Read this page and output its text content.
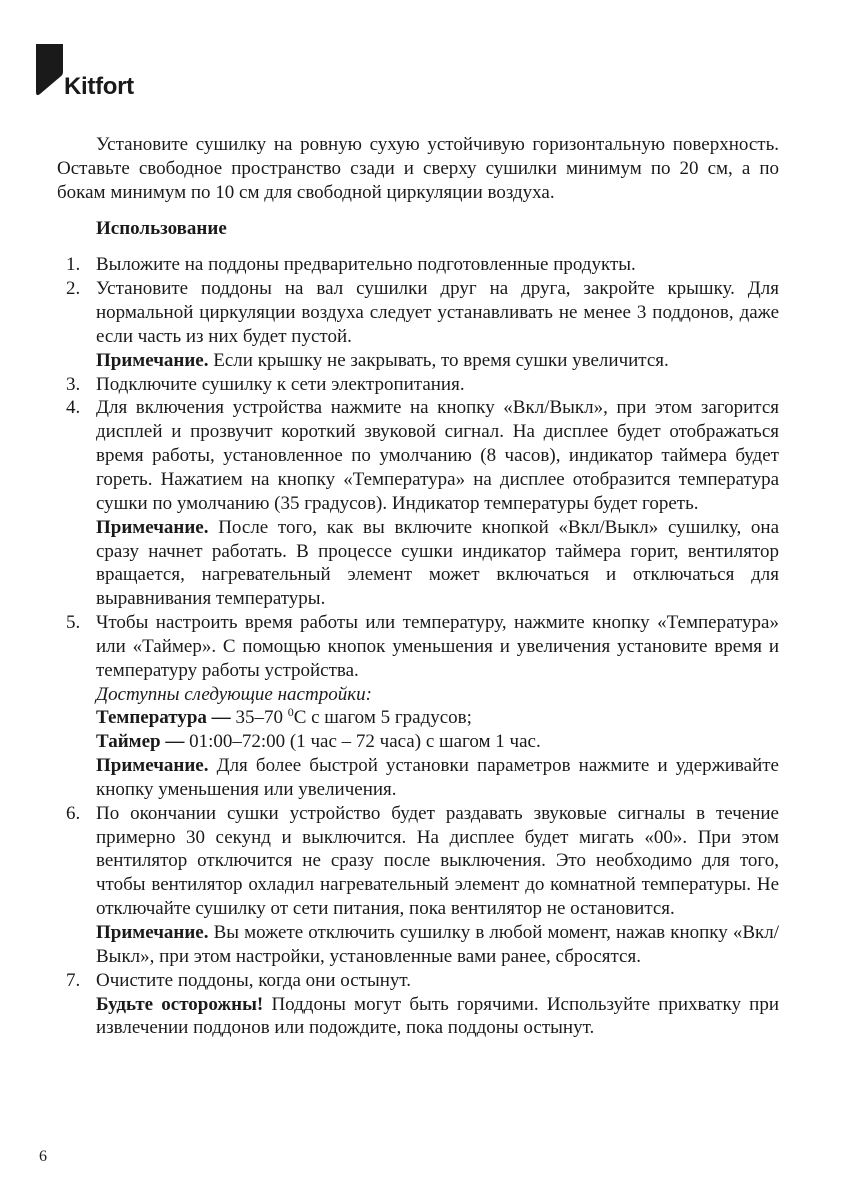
Kitfort

Установите сушилку на ровную сухую устойчивую горизонтальную поверхность. Оставьте свободное пространство сзади и сверху сушилки минимум по 20 см, а по бокам минимум по 10 см для свободной циркуляции воздуха.

Использование

1. Выложите на поддоны предварительно подготовленные продукты.
2. Установите поддоны на вал сушилки друг на друга, закройте крышку. Для нормальной циркуляции воздуха следует устанавливать не менее 3 поддонов, даже если часть из них будет пустой.
Примечание. Если крышку не закрывать, то время сушки увеличится.
3. Подключите сушилку к сети электропитания.
4. Для включения устройства нажмите на кнопку «Вкл/Выкл», при этом загорится дисплей и прозвучит короткий звуковой сигнал. На дисплее будет отображаться время работы, установленное по умолчанию (8 часов), индикатор таймера будет гореть. Нажатием на кнопку «Температура» на дисплее отобразится температура сушки по умолчанию (35 градусов). Индикатор температуры будет гореть.
Примечание. После того, как вы включите кнопкой «Вкл/Выкл» сушилку, она сразу начнет работать. В процессе сушки индикатор таймера горит, вентилятор вращается, нагревательный элемент может включаться и отключаться для выравнивания температуры.
5. Чтобы настроить время работы или температуру, нажмите кнопку «Температура» или «Таймер». С помощью кнопок уменьшения и увеличения установите время и температуру работы устройства.
Доступны следующие настройки:
Температура — 35–70 $^0$С с шагом 5 градусов;
Таймер — 01:00–72:00 (1 час – 72 часа) с шагом 1 час.
Примечание. Для более быстрой установки параметров нажмите и удерживайте кнопку уменьшения или увеличения.
6. По окончании сушки устройство будет раздавать звуковые сигналы в течение примерно 30 секунд и выключится. На дисплее будет мигать «00». При этом вентилятор отключится не сразу после выключения. Это необходимо для того, чтобы вентилятор охладил нагревательный элемент до комнатной температуры. Не отключайте сушилку от сети питания, пока вентилятор не остановится.
Примечание. Вы можете отключить сушилку в любой момент, нажав кнопку «Вкл/Выкл», при этом настройки, установленные вами ранее, сбросятся.
7. Очистите поддоны, когда они остынут.
Будьте осторожны! Поддоны могут быть горячими. Используйте прихватку при извлечении поддонов или подождите, пока поддоны остынут.
6
